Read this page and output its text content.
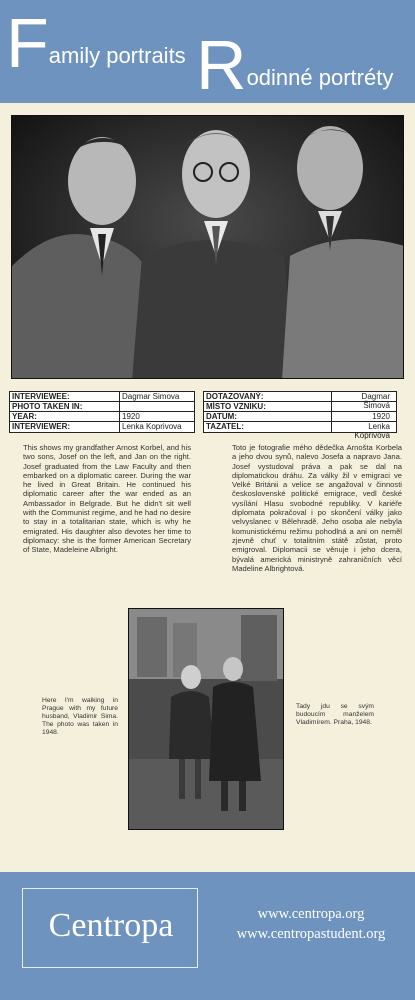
Family portraits Rodinné portréty
INTERVIEWEE:	Dagmar Simova
PHOTO TAKEN IN:
YEAR:	1920
INTERVIEWER:	Lenka Koprivova
DOTAZOVANÝ:	Dagmar Šimová
MÍSTO VZNIKU:
DATUM:	1920
TAZATEL:	Lenka Kopřivová

This shows my grandfather Arnost Korbel, and his two sons, Josef on the left, and Jan on the right. Josef graduated from the Law Faculty and then embarked on a diplomatic career. During the war he lived in Great Britain. He continued his diplomatic career after the war ended as an Ambassador in Belgrade. But he didn't sit well with the Communist regime, and he had no desire to stay in a totalitarian state, which is why he emigrated. His daughter also devotes her time to diplomacy: she is the former American Secretary of State, Madeleine Albright.

Toto je fotografie mého dědečka Arnošta Korbela a jeho dvou synů, nalevo Josefa a napravo Jana. Josef vystudoval práva a pak se dal na diplomatickou dráhu. Za války žil v emigraci ve Velké Británii a velice se angažoval v činnosti československé politické emigrace, vedl české vysílání Hlasu svobodné republiky. V kariéře diplomata pokračoval i po skončení války jako velvyslanec v Bělehradě. Jeho osoba ale nebyla komunistickému režimu pohodlná a ani on neměl zjevně chuť v totalitním státě zůstat, proto emigroval. Diplomacii se věnuje i jeho dcera, bývalá americká ministryně zahraničních věcí Madeline Albrightová.

Here I'm walking in Prague with my future husband, Vladimir Sima. The photo was taken in 1948.

Tady jdu se svým budoucím manželem Vladimírem. Praha, 1948.

Centropa	www.centropa.org
www.centropastudent.org
